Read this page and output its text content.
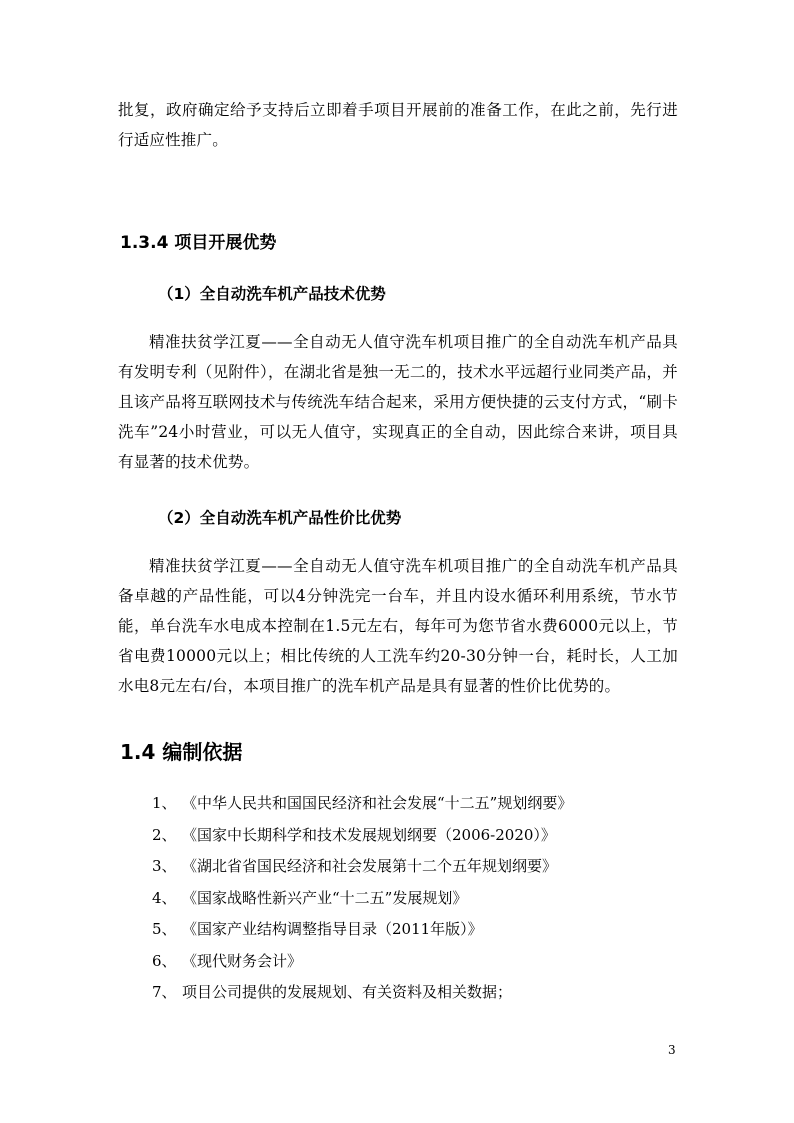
批复，政府确定给予支持后立即着手项目开展前的准备工作，在此之前，先行进行适应性推广。
1.3.4 项目开展优势
（1）全自动洗车机产品技术优势
精准扶贫学江夏——全自动无人值守洗车机项目推广的全自动洗车机产品具有发明专利（见附件），在湖北省是独一无二的，技术水平远超行业同类产品，并且该产品将互联网技术与传统洗车结合起来，采用方便快捷的云支付方式，“刷卡洗车”24小时营业，可以无人值守，实现真正的全自动，因此综合来讲，项目具有显著的技术优势。
（2）全自动洗车机产品性价比优势
精准扶贫学江夏——全自动无人值守洗车机项目推广的全自动洗车机产品具备卓越的产品性能，可以4分钟洗完一台车，并且内设水循环利用系统，节水节能，单台洗车水电成本控制在1.5元左右，每年可为您节省水费6000元以上，节省电费10000元以上；相比传统的人工洗车约20-30分钟一台，耗时长，人工加水电8元左右/台，本项目推广的洗车机产品是具有显著的性价比优势的。
1.4 编制依据
1、 《中华人民共和国国民经济和社会发展“十二五”规划纲要》
2、 《国家中长期科学和技术发展规划纲要（2006-2020）》
3、 《湖北省省国民经济和社会发展第十二个五年规划纲要》
4、 《国家战略性新兴产业“十二五”发展规划》
5、 《国家产业结构调整指导目录（2011年版）》
6、 《现代财务会计》
7、 项目公司提供的发展规划、有关资料及相关数据；
3
